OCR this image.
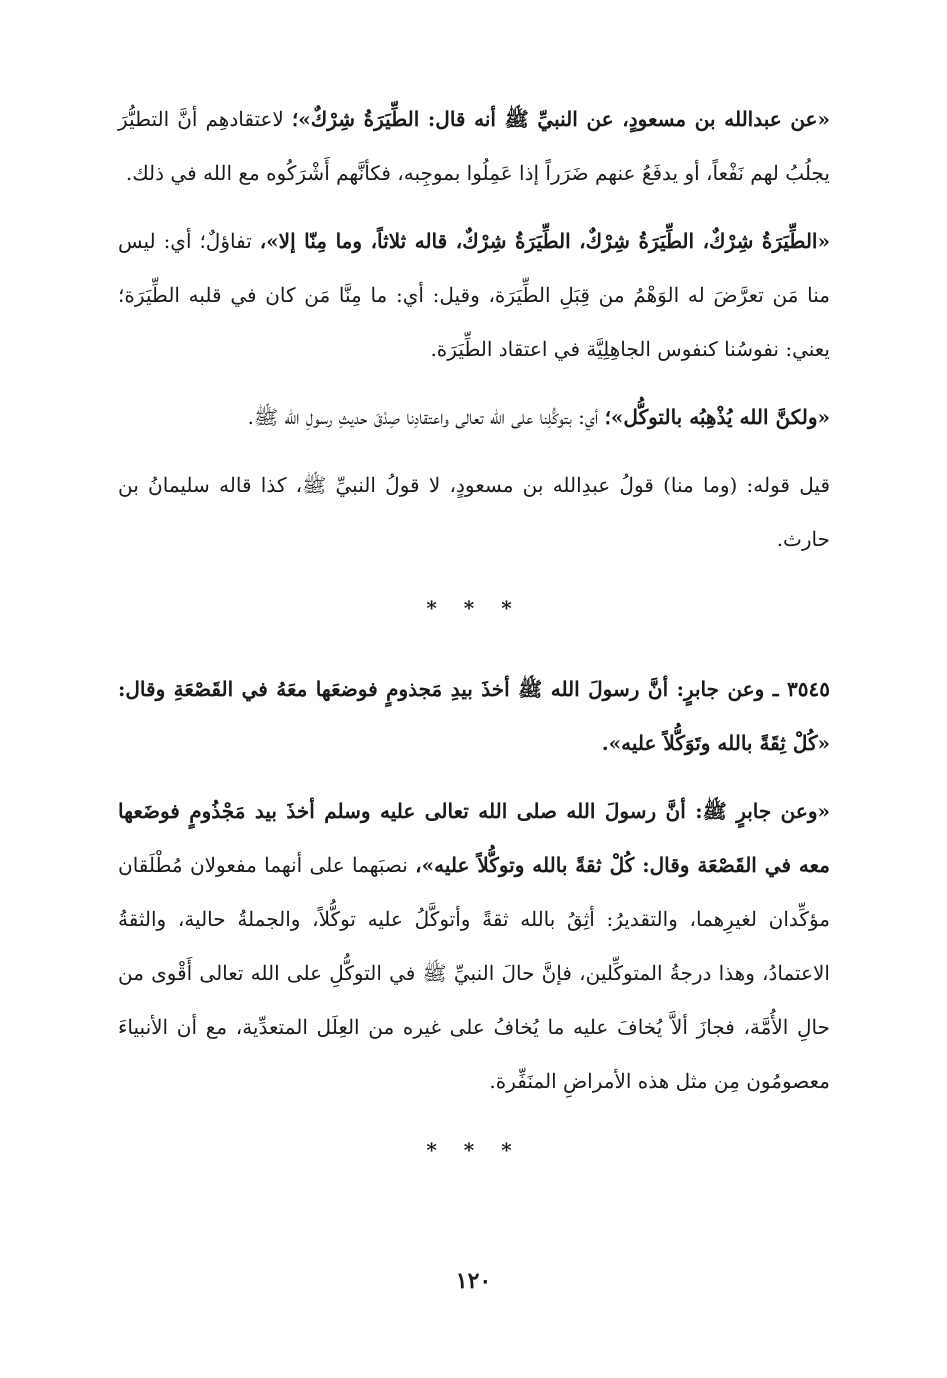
«عن عبدالله بن مسعودٍ، عن النبيِّ ﷺ أنه قال: الطِّيَرَةُ شِرْكٌ»؛ لاعتقادهِم أنَّ التطيُّرَ يجلُبُ لهم نَفْعاً، أو يدفَعُ عنهم ضَرَراً إذا عَمِلُوا بموجِبه، فكأنَّهم أَشْرَكُوه مع الله في ذلك.

«الطِّيَرَةُ شِرْكٌ، الطِّيَرَةُ شِرْكٌ، الطِّيَرَةُ شِرْكٌ، قاله ثلاثاً، وما مِنّا إلا»، تفاؤلٌ؛ أي: ليس منا مَن تعرَّضَ له الوَهْمُ من قِبَلِ الطِّيَرَة، وقيل: أي: ما مِنَّا مَن كان في قلبه الطِّيَرَة؛ يعني: نفوسُنا كنفوس الجاهِلِيَّة في اعتقاد الطِّيَرَة.

«ولكنَّ الله يُذْهِبُه بالتوكُّل»؛ أي: بتوكُّلِنا على الله تعالى واعتقادِنا صِدْقَ حديثِ رسولِ الله ﷺ.

قيل قوله: (وما منا) قولُ عبدِالله بن مسعودٍ، لا قولُ النبيِّ ﷺ، كذا قاله سليمانُ بن حارث.

* * *

٣٥٤٥ ـ وعن جابرٍ: أنَّ رسولَ الله ﷺ أخذَ بيدِ مَجذومٍ فوضعَها معَهُ في القَصْعَةِ وقال: «كُلْ ثِقَةً بالله وتَوَكُّلاً عليه».

«وعن جابرٍ ﷺ: أنَّ رسولَ الله صلى الله تعالى عليه وسلم أخذَ بيد مَجْذُومٍ فوضَعها معه في القَصْعَة وقال: كُلْ ثقةً بالله وتوكُّلاً عليه»، نصبَهما على أنهما مفعولان مُطْلَقان مؤكِّدان لغيرِهما، والتقديرُ: أثِقُ بالله ثقةً وأتوكَّلُ عليه توكُّلاً، والجملةُ حالية، والثقةُ الاعتمادُ، وهذا درجةُ المتوكِّلين، فإنَّ حالَ النبيِّ ﷺ في التوكُّلِ على الله تعالى أَقْوى من حالِ الأُمَّة، فجازَ ألاَّ يُخافَ عليه ما يُخافُ على غيره من العِلَل المتعدِّية، مع أن الأنبياءَ معصومُون مِن مثل هذه الأمراضِ المنَفِّرة.

* * *
١٢٠
